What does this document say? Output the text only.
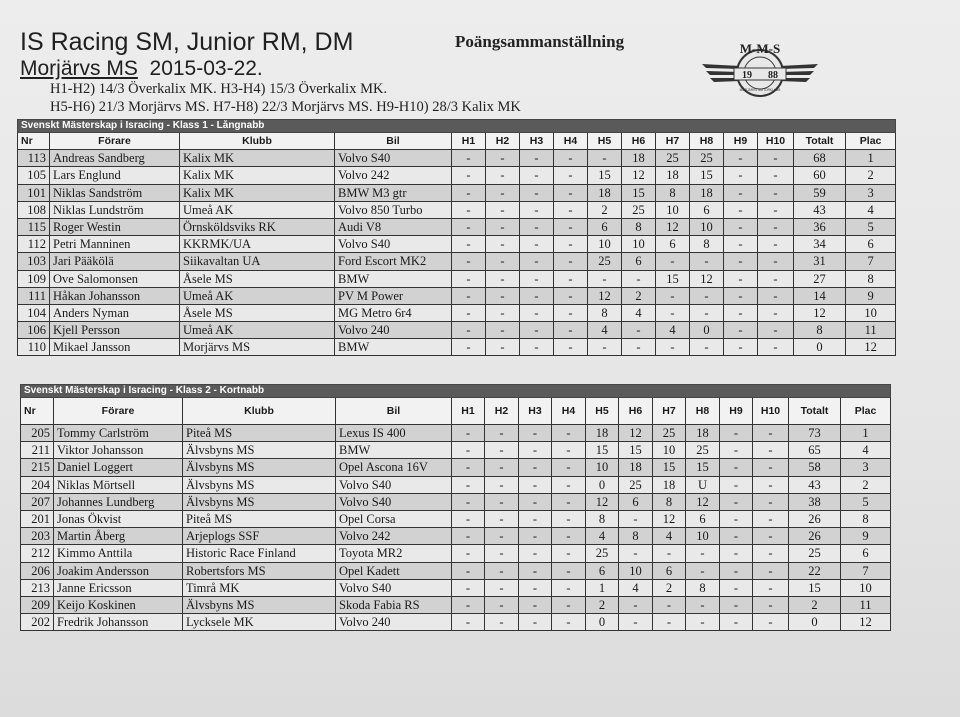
IS Racing SM, Junior RM, DM
Morjärvs MS 2015-03-22.
H1-H2) 14/3 Överkalix MK. H3-H4) 15/3 Överkalix MK.
H5-H6) 21/3 Morjärvs MS. H7-H8) 22/3 Morjärvs MS. H9-H10) 28/3 Kalix MK
Poängsammanställning	M-M-S
19 88
MORJÄRVS MOTORKLUBB
Svenskt Mästerskap i Isracing - Klass 1 - Långnabb															
Nr	Förare	Klubb	Bil	H1	H2	H3	H4	H5	H6	H7	H8	H9	H10	Totalt	Plac
113	Andreas Sandberg	Kalix MK	Volvo S40	-	-	-	-	-	18	25	25	-	-	68	1
105	Lars Englund	Kalix MK	Volvo 242	-	-	-	-	15	12	18	15	-	-	60	2
101	Niklas Sandström	Kalix MK	BMW M3 gtr	-	-	-	-	18	15	8	18	-	-	59	3
108	Niklas Lundström	Umeå AK	Volvo 850 Turbo	-	-	-	-	2	25	10	6	-	-	43	4
115	Roger Westin	Örnsköldsviks RK	Audi V8	-	-	-	-	6	8	12	10	-	-	36	5
112	Petri Manninen	KKRMK/UA	Volvo S40	-	-	-	-	10	10	6	8	-	-	34	6
103	Jari Pääkölä	Siikavaltan UA	Ford Escort MK2	-	-	-	-	25	6	-	-	-	-	31	7
109	Ove Salomonsen	Åsele MS	BMW	-	-	-	-	-	-	15	12	-	-	27	8
111	Håkan Johansson	Umeå AK	PV M Power	-	-	-	-	12	2	-	-	-	-	14	9
104	Anders Nyman	Åsele MS	MG Metro 6r4	-	-	-	-	8	4	-	-	-	-	12	10
106	Kjell Persson	Umeå AK	Volvo 240	-	-	-	-	4	-	4	0	-	-	8	11
110	Mikael Jansson	Morjärvs MS	BMW	-	-	-	-	-	-	-	-	-	-	0	12
Svenskt Mästerskap i Isracing - Klass 2 - Kortnabb															
Nr	Förare	Klubb	Bil	H1	H2	H3	H4	H5	H6	H7	H8	H9	H10	Totalt	Plac
205	Tommy Carlström	Piteå MS	Lexus IS 400	-	-	-	-	18	12	25	18	-	-	73	1
211	Viktor Johansson	Älvsbyns MS	BMW	-	-	-	-	15	15	10	25	-	-	65	4
215	Daniel Loggert	Älvsbyns MS	Opel Ascona 16V	-	-	-	-	10	18	15	15	-	-	58	3
204	Niklas Mörtsell	Älvsbyns MS	Volvo S40	-	-	-	-	0	25	18	U	-	-	43	2
207	Johannes Lundberg	Älvsbyns MS	Volvo S40	-	-	-	-	12	6	8	12	-	-	38	5
201	Jonas Ökvist	Piteå MS	Opel Corsa	-	-	-	-	8	-	12	6	-	-	26	8
203	Martin Åberg	Arjeplogs SSF	Volvo 242	-	-	-	-	4	8	4	10	-	-	26	9
212	Kimmo Anttila	Historic Race Finland	Toyota MR2	-	-	-	-	25	-	-	-	-	-	25	6
206	Joakim Andersson	Robertsfors MS	Opel Kadett	-	-	-	-	6	10	6	-	-	-	22	7
213	Janne Ericsson	Timrå MK	Volvo S40	-	-	-	-	1	4	2	8	-	-	15	10
209	Keijo Koskinen	Älvsbyns MS	Skoda Fabia RS	-	-	-	-	2	-	-	-	-	-	2	11
202	Fredrik Johansson	Lycksele MK	Volvo 240	-	-	-	-	0	-	-	-	-	-	0	12
